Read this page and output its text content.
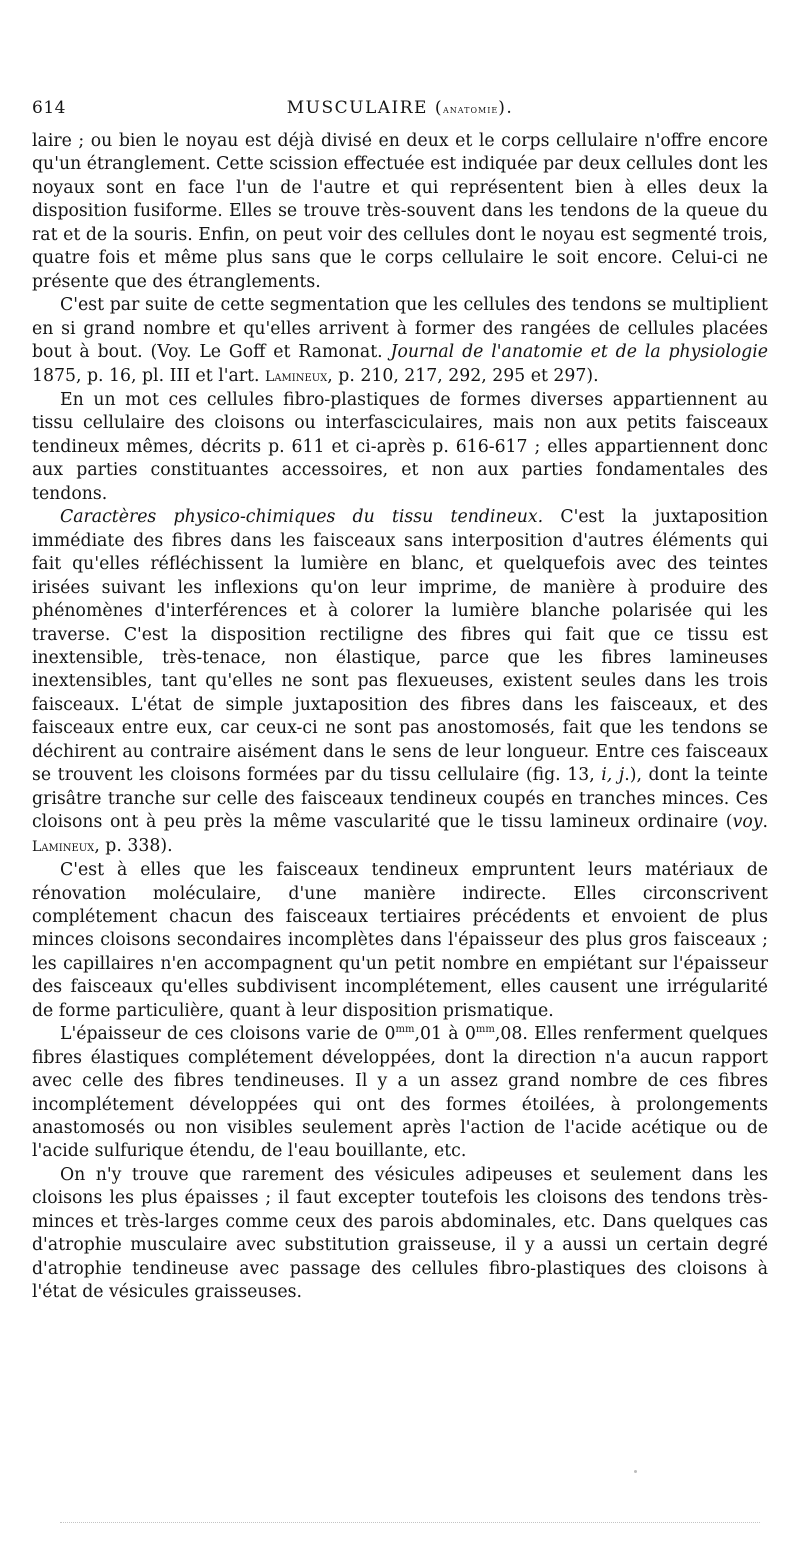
614	MUSCULAIRE (anatomie).

laire ; ou bien le noyau est déjà divisé en deux et le corps cellulaire n'offre encore qu'un étranglement. Cette scission effectuée est indiquée par deux cellules dont les noyaux sont en face l'un de l'autre et qui représentent bien à elles deux la disposition fusiforme. Elles se trouve très-souvent dans les tendons de la queue du rat et de la souris. Enfin, on peut voir des cellules dont le noyau est segmenté trois, quatre fois et même plus sans que le corps cellulaire le soit encore. Celui-ci ne présente que des étranglements.

C'est par suite de cette segmentation que les cellules des tendons se multiplient en si grand nombre et qu'elles arrivent à former des rangées de cellules placées bout à bout. (Voy. Le Goff et Ramonat. Journal de l'anatomie et de la physiologie 1875, p. 16, pl. III et l'art. Lamineux, p. 210, 217, 292, 295 et 297).

En un mot ces cellules fibro-plastiques de formes diverses appartiennent au tissu cellulaire des cloisons ou interfasciculaires, mais non aux petits faisceaux tendineux mêmes, décrits p. 611 et ci-après p. 616-617 ; elles appartiennent donc aux parties constituantes accessoires, et non aux parties fondamentales des tendons.

Caractères physico-chimiques du tissu tendineux. C'est la juxtaposition immédiate des fibres dans les faisceaux sans interposition d'autres éléments qui fait qu'elles réfléchissent la lumière en blanc, et quelquefois avec des teintes irisées suivant les inflexions qu'on leur imprime, de manière à produire des phénomènes d'interférences et à colorer la lumière blanche polarisée qui les traverse. C'est la disposition rectiligne des fibres qui fait que ce tissu est inextensible, très-tenace, non élastique, parce que les fibres lamineuses inextensibles, tant qu'elles ne sont pas flexueuses, existent seules dans les trois faisceaux. L'état de simple juxtaposition des fibres dans les faisceaux, et des faisceaux entre eux, car ceux-ci ne sont pas anostomosés, fait que les tendons se déchirent au contraire aisément dans le sens de leur longueur. Entre ces faisceaux se trouvent les cloisons formées par du tissu cellulaire (fig. 13, i, j.), dont la teinte grisâtre tranche sur celle des faisceaux tendineux coupés en tranches minces. Ces cloisons ont à peu près la même vascularité que le tissu lamineux ordinaire (voy. Lamineux, p. 338).

C'est à elles que les faisceaux tendineux empruntent leurs matériaux de rénovation moléculaire, d'une manière indirecte. Elles circonscrivent complétement chacun des faisceaux tertiaires précédents et envoient de plus minces cloisons secondaires incomplètes dans l'épaisseur des plus gros faisceaux ; les capillaires n'en accompagnent qu'un petit nombre en empiétant sur l'épaisseur des faisceaux qu'elles subdivisent incomplétement, elles causent une irrégularité de forme particulière, quant à leur disposition prismatique.

L'épaisseur de ces cloisons varie de $0^{mm},01$ à $0^{mm},08$. Elles renferment quelques fibres élastiques complétement développées, dont la direction n'a aucun rapport avec celle des fibres tendineuses. Il y a un assez grand nombre de ces fibres incomplétement développées qui ont des formes étoilées, à prolongements anastomosés ou non visibles seulement après l'action de l'acide acétique ou de l'acide sulfurique étendu, de l'eau bouillante, etc.

On n'y trouve que rarement des vésicules adipeuses et seulement dans les cloisons les plus épaisses ; il faut excepter toutefois les cloisons des tendons très-minces et très-larges comme ceux des parois abdominales, etc. Dans quelques cas d'atrophie musculaire avec substitution graisseuse, il y a aussi un certain degré d'atrophie tendineuse avec passage des cellules fibro-plastiques des cloisons à l'état de vésicules graisseuses.
